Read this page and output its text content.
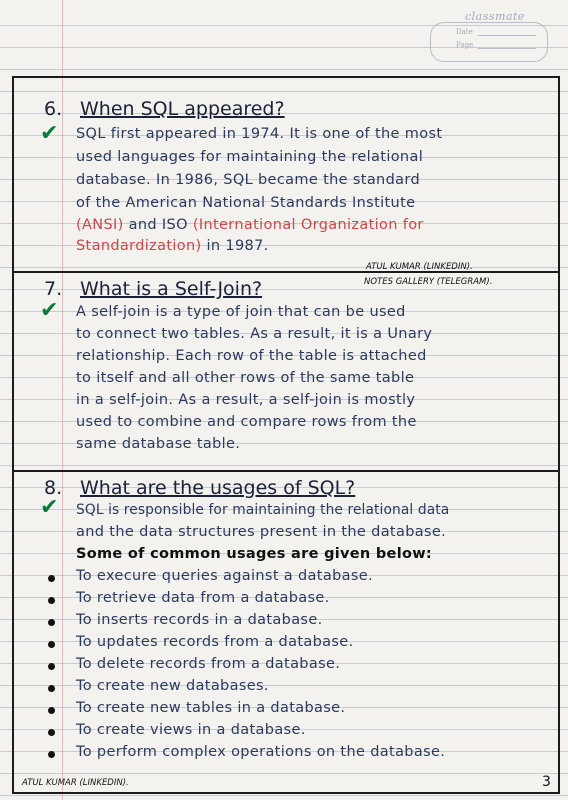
classmate
Date
Page
6. When SQL appeared?
✔ SQL first appeared in 1974. It is one of the most
used languages for maintaining the relational
database. In 1986, SQL became the standard
of the American National Standards Institute
(ANSI) and ISO (International Organization for
Standardization) in 1987.
ATUL KUMAR (LINKEDIN).
NOTES GALLERY (TELEGRAM).
7. What is a Self-Join?
✔ A self-join is a type of join that can be used
to connect two tables. As a result, it is a Unary
relationship. Each row of the table is attached
to itself and all other rows of the same table
in a self-join. As a result, a self-join is mostly
used to combine and compare rows from the
same database table.
8. What are the usages of SQL?
✔ SQL is responsible for maintaining the relational data
and the data structures present in the database.
Some of common usages are given below:
To execure queries against a database.
To retrieve data from a database.
To inserts records in a database.
To updates records from a database.
To delete records from a database.
To create new databases.
To create new tables in a database.
To create views in a database.
To perform complex operations on the database.
ATUL KUMAR (LINKEDIN).	3
